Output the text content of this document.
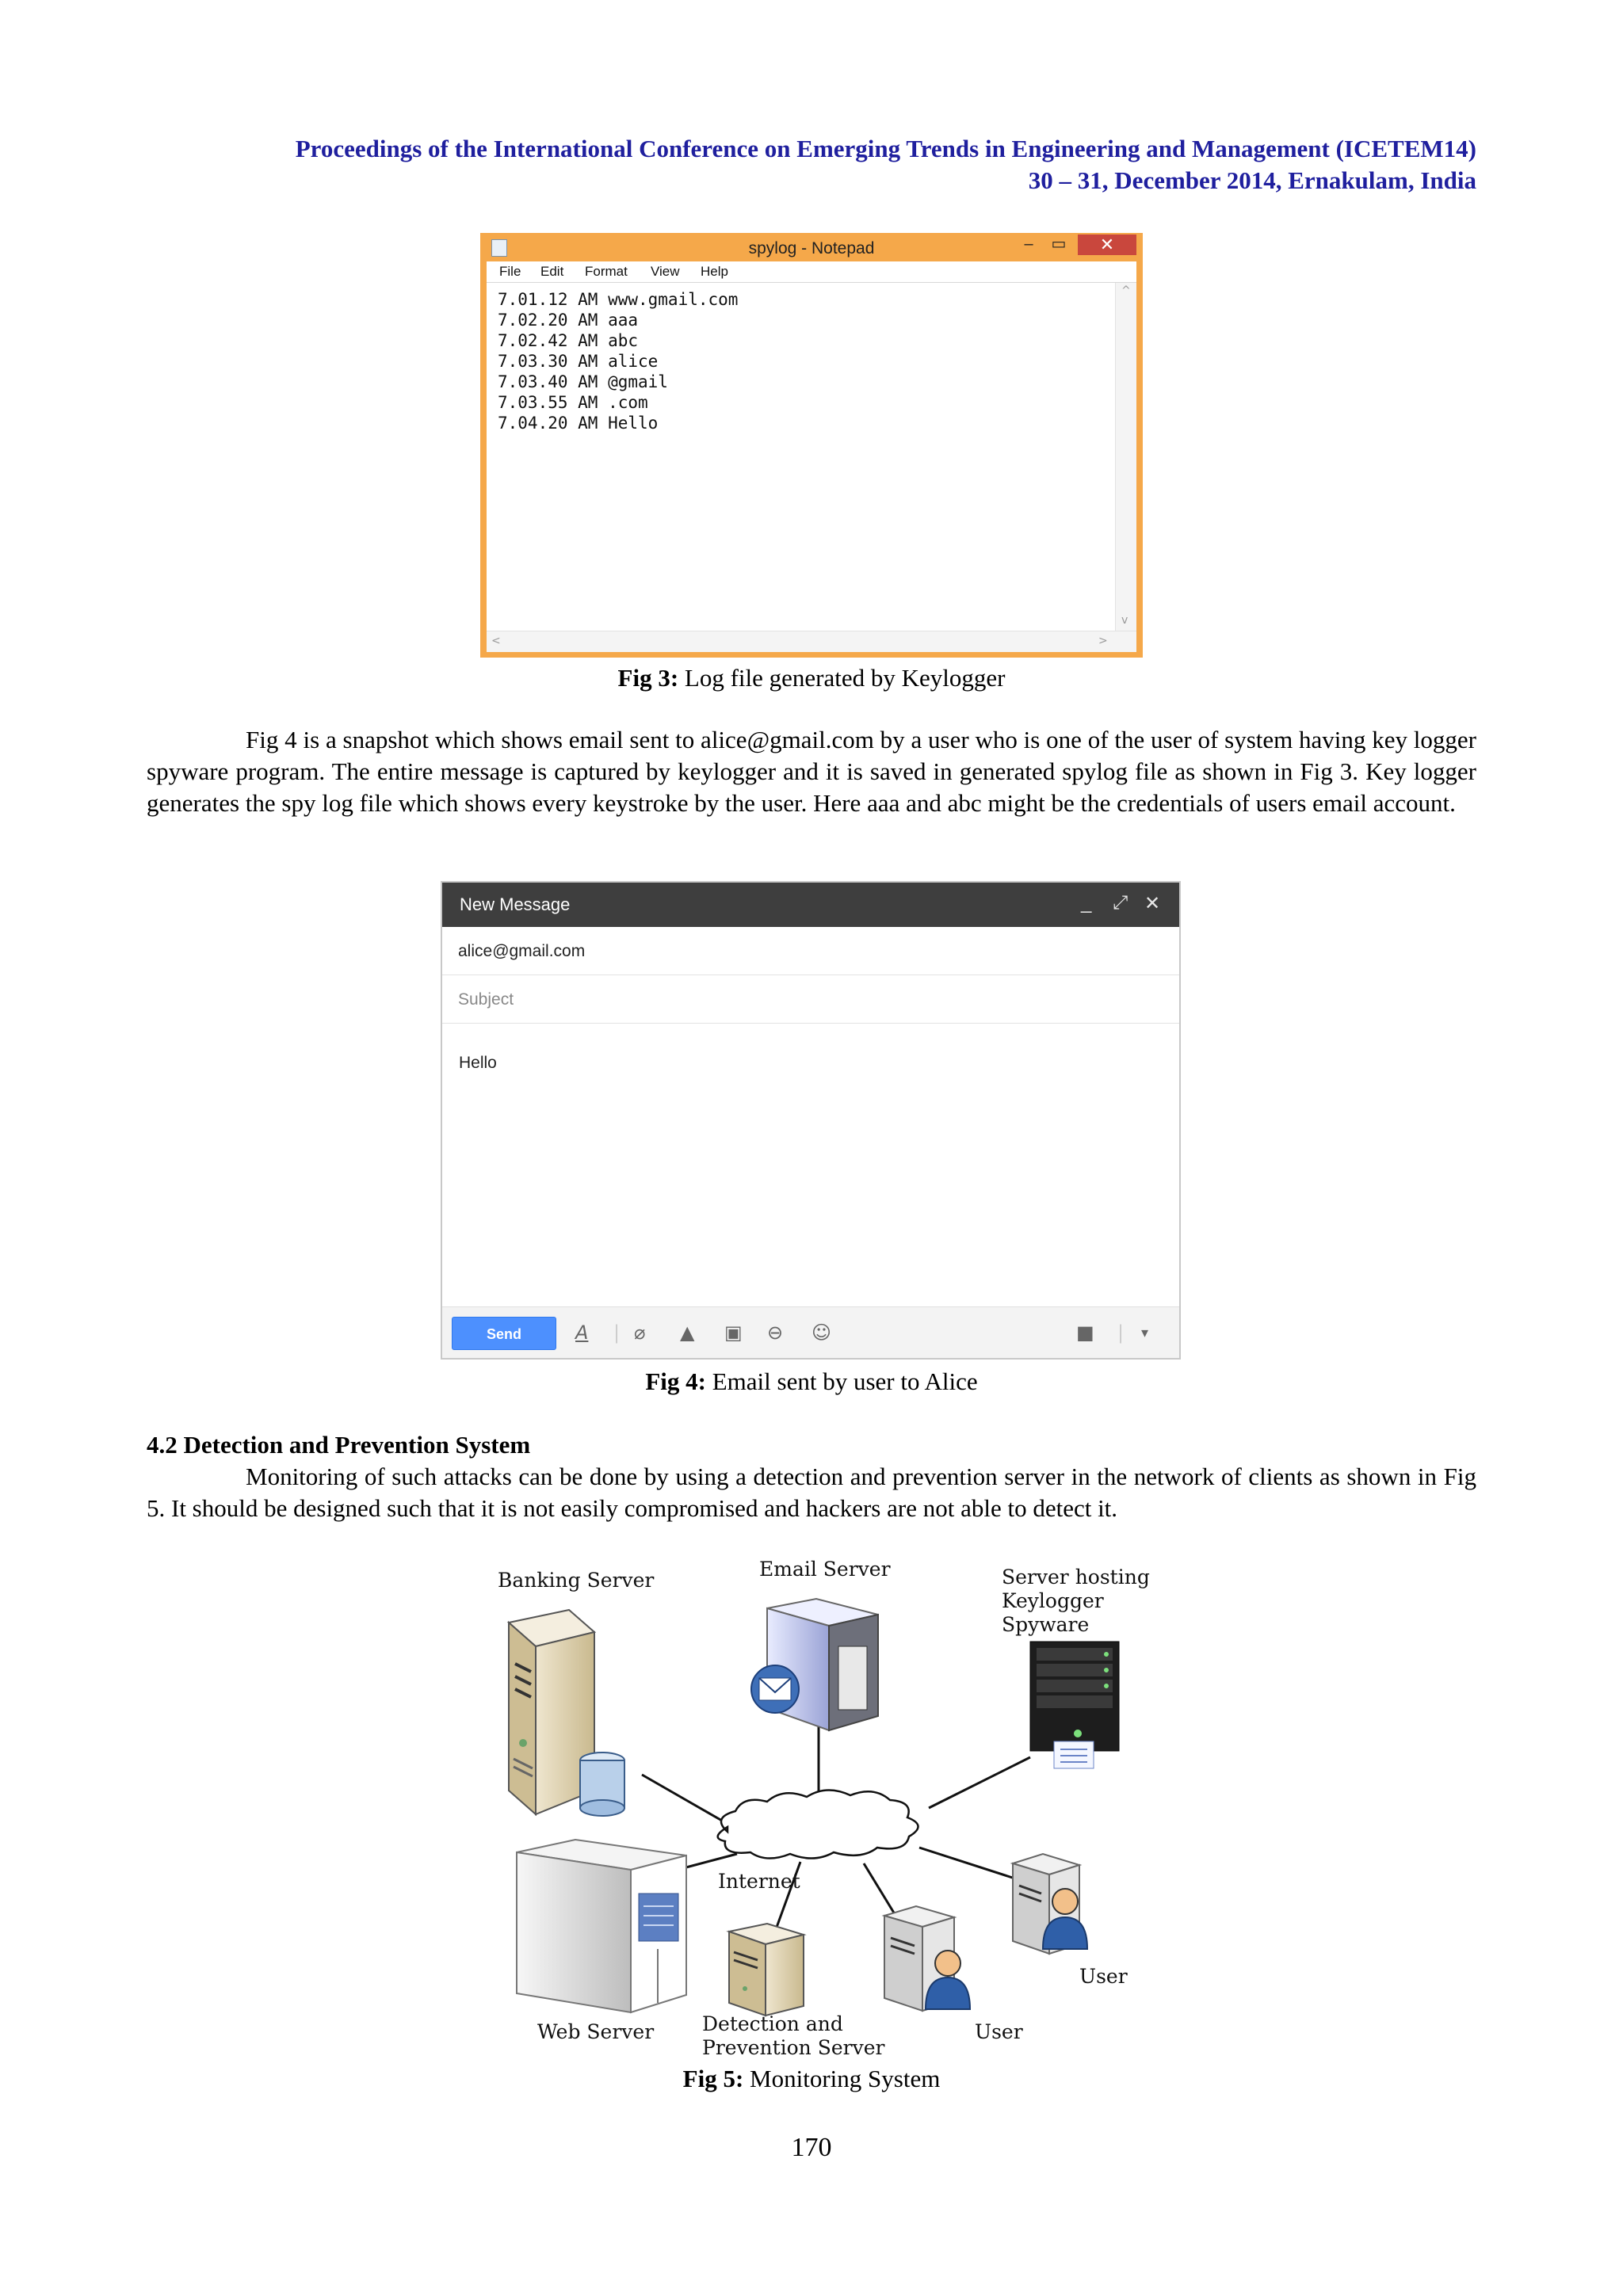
Proceedings of the International Conference on Emerging Trends in Engineering and Management (ICETEM14)
30 – 31, December 2014, Ernakulam, India
spylog - Notepad	–	▭	✕
File Edit Format View Help
7.01.12 AM www.gmail.com
7.02.20 AM aaa
7.02.42 AM abc
7.03.30 AM alice
7.03.40 AM @gmail
7.03.55 AM .com
7.04.20 AM Hello
^
v
<	>
Fig 3: Log file generated by Keylogger
Fig 4 is a snapshot which shows email sent to alice@gmail.com by a user who is one of the user of system having key logger spyware program. The entire message is captured by keylogger and it is saved in generated spylog file as shown in Fig 3. Key logger generates the spy log file which shows every keystroke by the user. Here aaa and abc might be the credentials of users email account.
New Message	_ ⤢ ✕
alice@gmail.com
Subject
Hello
Send	A | ⌀ ▲ ▣ ⊖ ☺	■ | ▾
Fig 4: Email sent by user to Alice
4.2 Detection and Prevention System
Monitoring of such attacks can be done by using a detection and prevention server in the network of clients as shown in Fig 5. It should be designed such that it is not easily compromised and hackers are not able to detect it.
Banking Server	Email Server	Server hosting
Keylogger
Spyware
Internet
Web Server Detection and
Prevention Server
User
User
Fig 5: Monitoring System
170
